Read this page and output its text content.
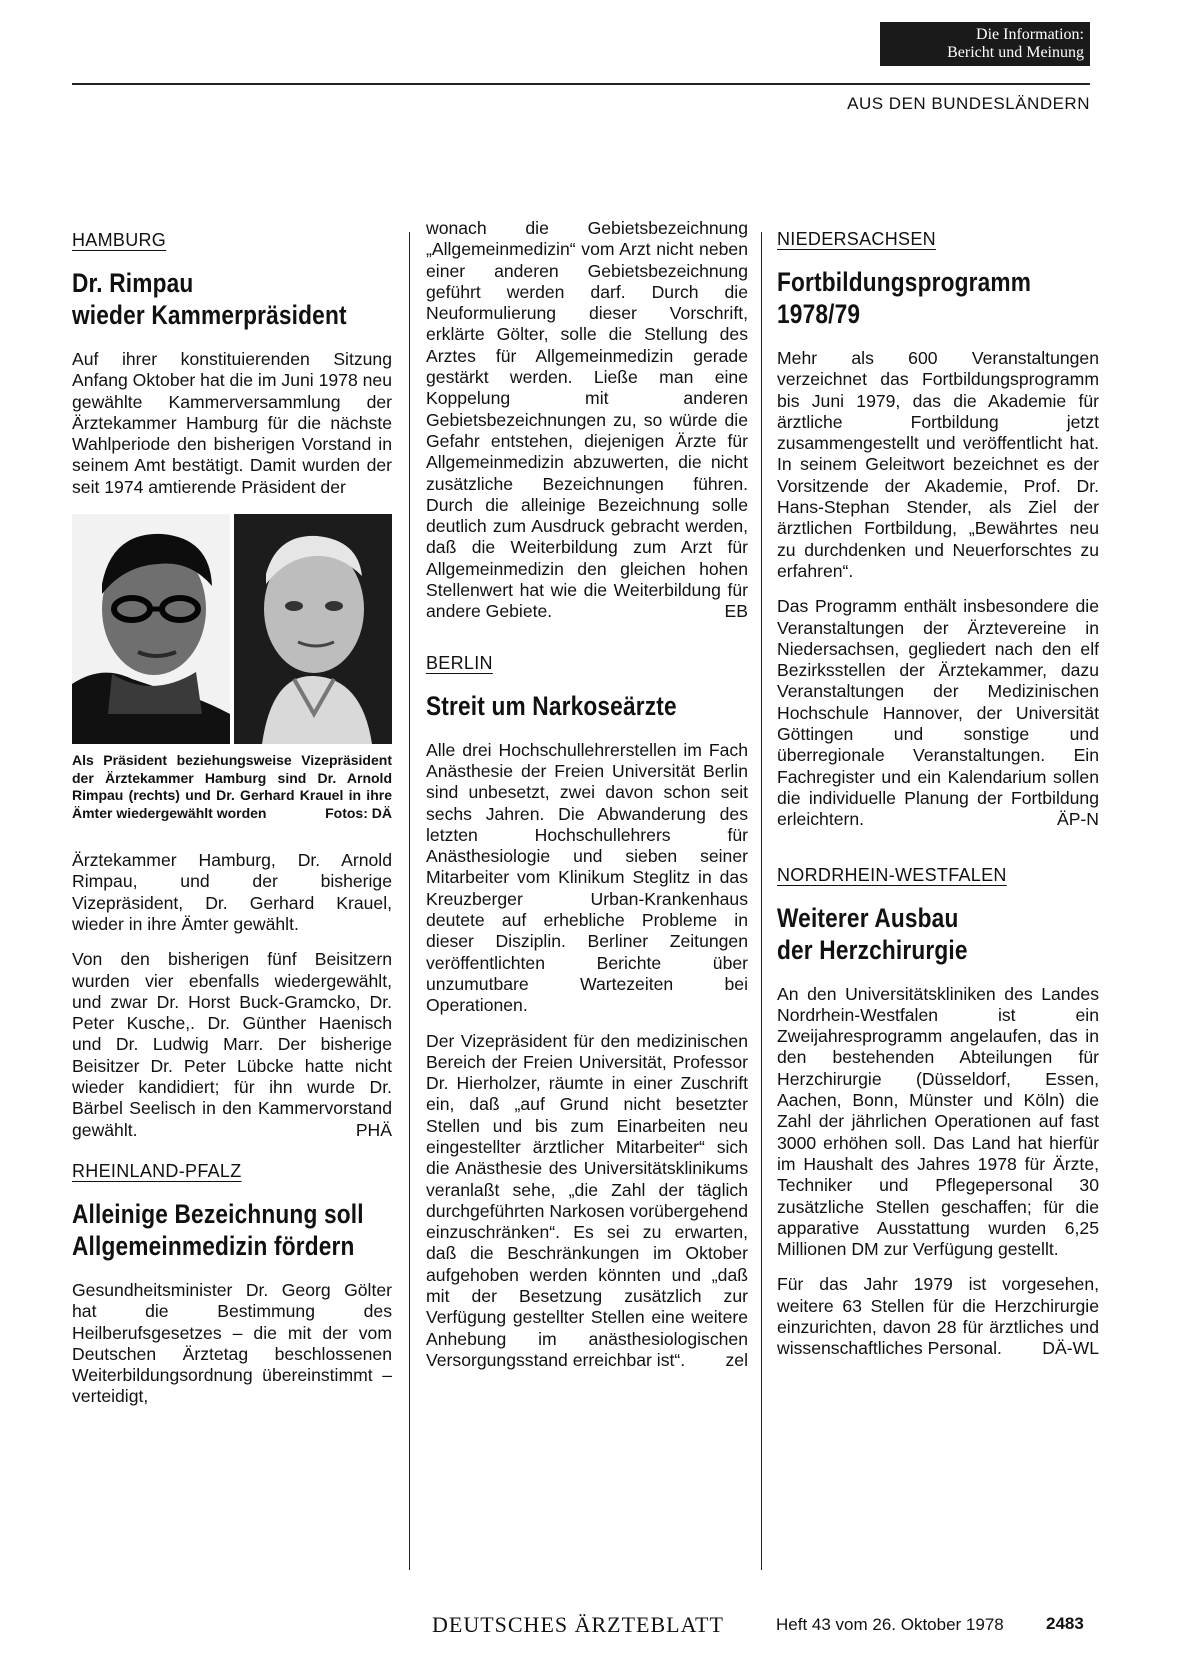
Die Information:
Bericht und Meinung
AUS DEN BUNDESLÄNDERN
HAMBURG
Dr. Rimpau
wieder Kammerpräsident

Auf ihrer konstituierenden Sitzung Anfang Oktober hat die im Juni 1978 neu gewählte Kammerversammlung der Ärztekammer Hamburg für die nächste Wahlperiode den bisherigen Vorstand in seinem Amt bestätigt. Damit wurden der seit 1974 amtierende Präsident der

Als Präsident beziehungsweise Vizepräsident der Ärztekammer Hamburg sind Dr. Arnold Rimpau (rechts) und Dr. Gerhard Krauel in ihre Ämter wiedergewählt worden	Fotos: DÄ

Ärztekammer Hamburg, Dr. Arnold Rimpau, und der bisherige Vizepräsident, Dr. Gerhard Krauel, wieder in ihre Ämter gewählt.

Von den bisherigen fünf Beisitzern wurden vier ebenfalls wiedergewählt, und zwar Dr. Horst Buck-Gramcko, Dr. Peter Kusche,. Dr. Günther Haenisch und Dr. Ludwig Marr. Der bisherige Beisitzer Dr. Peter Lübcke hatte nicht wieder kandidiert; für ihn wurde Dr. Bärbel Seelisch in den Kammervorstand gewählt.	PHÄ

RHEINLAND-PFALZ
Alleinige Bezeichnung soll
Allgemeinmedizin fördern

Gesundheitsminister Dr. Georg Gölter hat die Bestimmung des Heilberufsgesetzes – die mit der vom Deutschen Ärztetag beschlossenen Weiterbildungsordnung übereinstimmt – verteidigt,

wonach die Gebietsbezeichnung „Allgemeinmedizin“ vom Arzt nicht neben einer anderen Gebietsbezeichnung geführt werden darf. Durch die Neuformulierung dieser Vorschrift, erklärte Gölter, solle die Stellung des Arztes für Allgemeinmedizin gerade gestärkt werden. Ließe man eine Koppelung mit anderen Gebietsbezeichnungen zu, so würde die Gefahr entstehen, diejenigen Ärzte für Allgemeinmedizin abzuwerten, die nicht zusätzliche Bezeichnungen führen. Durch die alleinige Bezeichnung solle deutlich zum Ausdruck gebracht werden, daß die Weiterbildung zum Arzt für Allgemeinmedizin den gleichen hohen Stellenwert hat wie die Weiterbildung für andere Gebiete.	EB

BERLIN
Streit um Narkoseärzte

Alle drei Hochschullehrerstellen im Fach Anästhesie der Freien Universität Berlin sind unbesetzt, zwei davon schon seit sechs Jahren. Die Abwanderung des letzten Hochschullehrers für Anästhesiologie und sieben seiner Mitarbeiter vom Klinikum Steglitz in das Kreuzberger Urban-Krankenhaus deutete auf erhebliche Probleme in dieser Disziplin. Berliner Zeitungen veröffentlichten Berichte über unzumutbare Wartezeiten bei Operationen.

Der Vizepräsident für den medizinischen Bereich der Freien Universität, Professor Dr. Hierholzer, räumte in einer Zuschrift ein, daß „auf Grund nicht besetzter Stellen und bis zum Einarbeiten neu eingestellter ärztlicher Mitarbeiter“ sich die Anästhesie des Universitätsklinikums veranlaßt sehe, „die Zahl der täglich durchgeführten Narkosen vorübergehend einzuschränken“. Es sei zu erwarten, daß die Beschränkungen im Oktober aufgehoben werden könnten und „daß mit der Besetzung zusätzlich zur Verfügung gestellter Stellen eine weitere Anhebung im anästhesiologischen Versorgungsstand erreichbar ist“. zel

NIEDERSACHSEN
Fortbildungsprogramm
1978/79

Mehr als 600 Veranstaltungen verzeichnet das Fortbildungsprogramm bis Juni 1979, das die Akademie für ärztliche Fortbildung jetzt zusammengestellt und veröffentlicht hat. In seinem Geleitwort bezeichnet es der Vorsitzende der Akademie, Prof. Dr. Hans-Stephan Stender, als Ziel der ärztlichen Fortbildung, „Bewährtes neu zu durchdenken und Neuerforschtes zu erfahren“.

Das Programm enthält insbesondere die Veranstaltungen der Ärztevereine in Niedersachsen, gegliedert nach den elf Bezirksstellen der Ärztekammer, dazu Veranstaltungen der Medizinischen Hochschule Hannover, der Universität Göttingen und sonstige und überregionale Veranstaltungen. Ein Fachregister und ein Kalendarium sollen die individuelle Planung der Fortbildung erleichtern.	ÄP-N

NORDRHEIN-WESTFALEN
Weiterer Ausbau
der Herzchirurgie

An den Universitätskliniken des Landes Nordrhein-Westfalen ist ein Zweijahresprogramm angelaufen, das in den bestehenden Abteilungen für Herzchirurgie (Düsseldorf, Essen, Aachen, Bonn, Münster und Köln) die Zahl der jährlichen Operationen auf fast 3000 erhöhen soll. Das Land hat hierfür im Haushalt des Jahres 1978 für Ärzte, Techniker und Pflegepersonal 30 zusätzliche Stellen geschaffen; für die apparative Ausstattung wurden 6,25 Millionen DM zur Verfügung gestellt.

Für das Jahr 1979 ist vorgesehen, weitere 63 Stellen für die Herzchirurgie einzurichten, davon 28 für ärztliches und wissenschaftliches Personal. DÄ-WL

DEUTSCHES ÄRZTEBLATT	Heft 43 vom 26. Oktober 1978 2483
